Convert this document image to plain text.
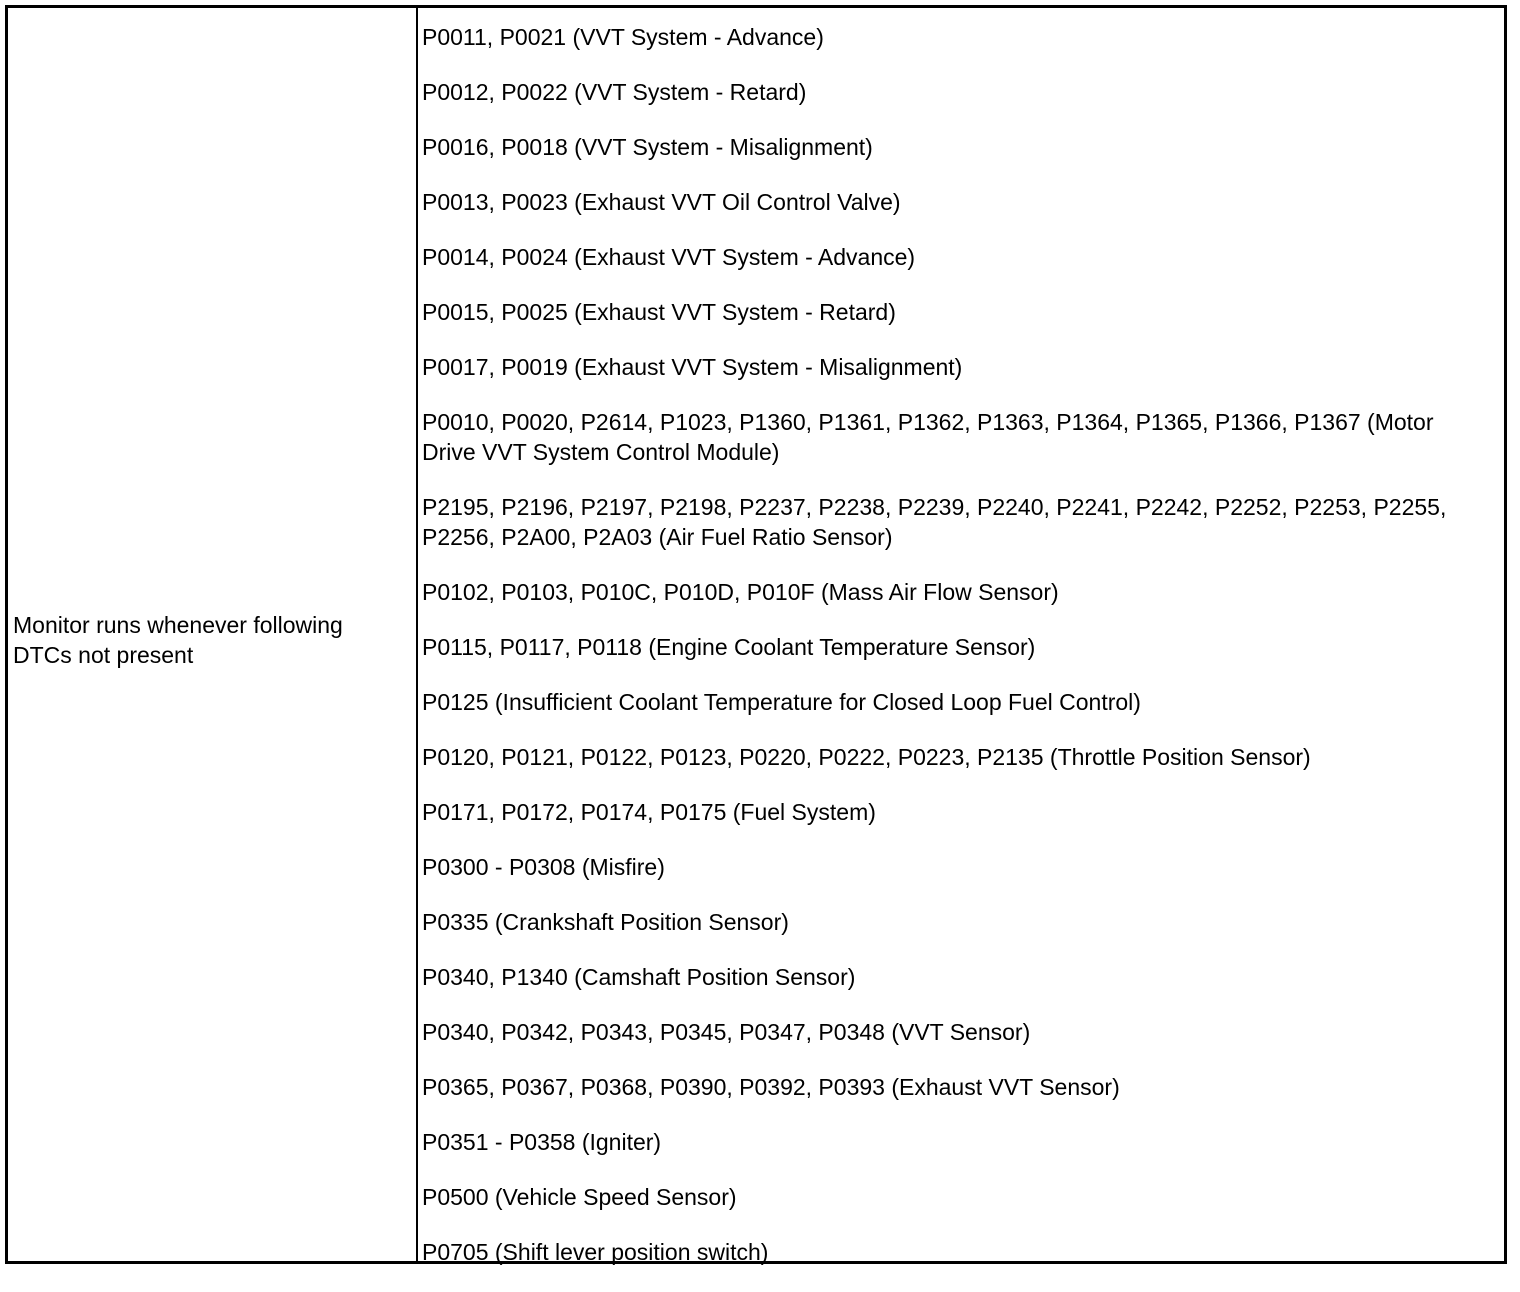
Monitor runs whenever following DTCs not present
P0011, P0021 (VVT System - Advance)
P0012, P0022 (VVT System - Retard)
P0016, P0018 (VVT System - Misalignment)
P0013, P0023 (Exhaust VVT Oil Control Valve)
P0014, P0024 (Exhaust VVT System - Advance)
P0015, P0025 (Exhaust VVT System - Retard)
P0017, P0019 (Exhaust VVT System - Misalignment)
P0010, P0020, P2614, P1023, P1360, P1361, P1362, P1363, P1364, P1365, P1366, P1367 (Motor Drive VVT System Control Module)
P2195, P2196, P2197, P2198, P2237, P2238, P2239, P2240, P2241, P2242, P2252, P2253, P2255, P2256, P2A00, P2A03 (Air Fuel Ratio Sensor)
P0102, P0103, P010C, P010D, P010F (Mass Air Flow Sensor)
P0115, P0117, P0118 (Engine Coolant Temperature Sensor)
P0125 (Insufficient Coolant Temperature for Closed Loop Fuel Control)
P0120, P0121, P0122, P0123, P0220, P0222, P0223, P2135 (Throttle Position Sensor)
P0171, P0172, P0174, P0175 (Fuel System)
P0300 - P0308 (Misfire)
P0335 (Crankshaft Position Sensor)
P0340, P1340 (Camshaft Position Sensor)
P0340, P0342, P0343, P0345, P0347, P0348 (VVT Sensor)
P0365, P0367, P0368, P0390, P0392, P0393 (Exhaust VVT Sensor)
P0351 - P0358 (Igniter)
P0500 (Vehicle Speed Sensor)
P0705 (Shift lever position switch)
